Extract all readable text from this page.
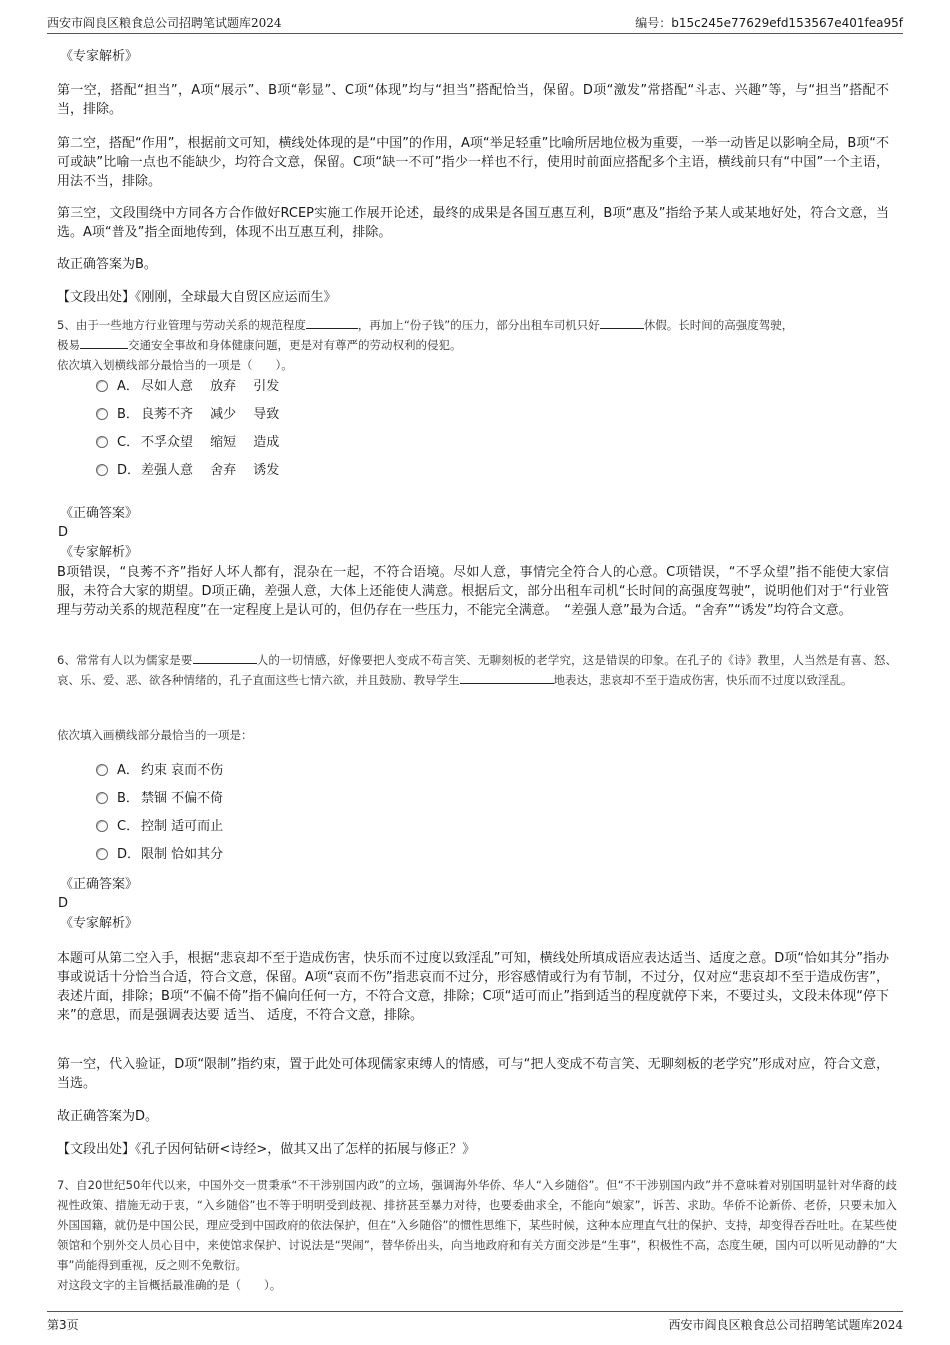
西安市阎良区粮食总公司招聘笔试题库2024	编号：b15c245e77629efd153567e401fea95f
《专家解析》
第一空，搭配“担当”，A项“展示”、B项“彰显”、C项“体现”均与“担当”搭配恰当，保留。D项“激发”常搭配“斗志、兴趣”等，与“担当”搭配不当，排除。
第二空，搭配“作用”，根据前文可知，横线处体现的是“中国”的作用，A项“举足轻重”比喻所居地位极为重要，一举一动皆足以影响全局，B项“不可或缺”比喻一点也不能缺少，均符合文意，保留。C项“缺一不可”指少一样也不行，使用时前面应搭配多个主语，横线前只有“中国”一个主语，用法不当，排除。
第三空，文段围绕中方同各方合作做好RCEP实施工作展开论述，最终的成果是各国互惠互利，B项“惠及”指给予某人或某地好处，符合文意，当选。A项“普及”指全面地传到，体现不出互惠互利，排除。
故正确答案为B。
【文段出处】《刚刚，全球最大自贸区应运而生》
5、由于一些地方行业管理与劳动关系的规范程度	，再加上“份子钱”的压力，部分出租车司机只好	休假。长时间的高强度驾驶，
极易	交通安全事故和身体健康问题，更是对有尊严的劳动权利的侵犯。
依次填入划横线部分最恰当的一项是（　　）。
A． 尽如人意　 放弃　 引发
B． 良莠不齐　 减少　 导致
C． 不孚众望　 缩短　 造成
D．差强人意　 舍弃　 诱发
《正确答案》
D
《专家解析》
B项错误，“良莠不齐”指好人坏人都有，混杂在一起，不符合语境。尽如人意，事情完全符合人的心意。C项错误，“不孚众望”指不能使大家信服，未符合大家的期望。D项正确，差强人意，大体上还能使人满意。根据后文，部分出租车司机“长时间的高强度驾驶”，说明他们对于“行业管理与劳动关系的规范程度”在一定程度上是认可的，但仍存在一些压力，不能完全满意。　“差强人意”最为合适。“舍弃”“诱发”均符合文意。
6、常常有人以为儒家是要	人的一切情感，好像要把人变成不苟言笑、无聊刻板的老学究，这是错误的印象。在孔子的《诗》教里，人当然是有喜、怒、哀、乐、爱、恶、欲各种情绪的，孔子直面这些七情六欲，并且鼓励、教导学生	地表达，悲哀却不至于造成伤害，快乐而不过度以致淫乱。
依次填入画横线部分最恰当的一项是：
A． 约束 哀而不伤
B． 禁锢 不偏不倚
C． 控制 适可而止
D．限制 恰如其分
《正确答案》
D
《专家解析》
本题可从第二空入手，根据“悲哀却不至于造成伤害，快乐而不过度以致淫乱”可知，横线处所填成语应表达适当、适度之意。D项“恰如其分”指办事或说话十分恰当合适，符合文意，保留。A项“哀而不伤”指悲哀而不过分，形容感情或行为有节制，不过分，仅对应“悲哀却不至于造成伤害”，表述片面，排除；B项“不偏不倚”指不偏向任何一方，不符合文意，排除；C项“适可而止”指到适当的程度就停下来，不要过头，文段未体现“停下来”的意思，而是强调表达要 适当、 适度，不符合文意，排除。
第一空，代入验证，D项“限制”指约束，置于此处可体现儒家束缚人的情感，可与“把人变成不苟言笑、无聊刻板的老学究”形成对应，符合文意，当选。
故正确答案为D。
【文段出处】《孔子因何钻研<诗经>，做其又出了怎样的拓展与修正？》
7、自20世纪50年代以来，中国外交一贯秉承“不干涉别国内政”的立场，强调海外华侨、华人“入乡随俗”。但“不干涉别国内政”并不意味着对别国明显针对华裔的歧视性政策、措施无动于衷，“入乡随俗”也不等于明明受到歧视、排挤甚至暴力对待，也要委曲求全，不能向“娘家”，诉苦、求助。华侨不论新侨、老侨，只要未加入外国国籍，就仍是中国公民，理应受到中国政府的依法保护，但在“入乡随俗”的惯性思维下，某些时候，这种本应理直气壮的保护、支持，却变得吞吞吐吐。在某些使领馆和个别外交人员心目中，来使馆求保护、讨说法是“哭闹”，替华侨出头，向当地政府和有关方面交涉是“生事”，积极性不高，态度生硬，国内可以听见动静的“大事”尚能得到重视，反之则不免敷衍。
对这段文字的主旨概括最准确的是（　　）。
第3页	西安市阎良区粮食总公司招聘笔试题库2024
